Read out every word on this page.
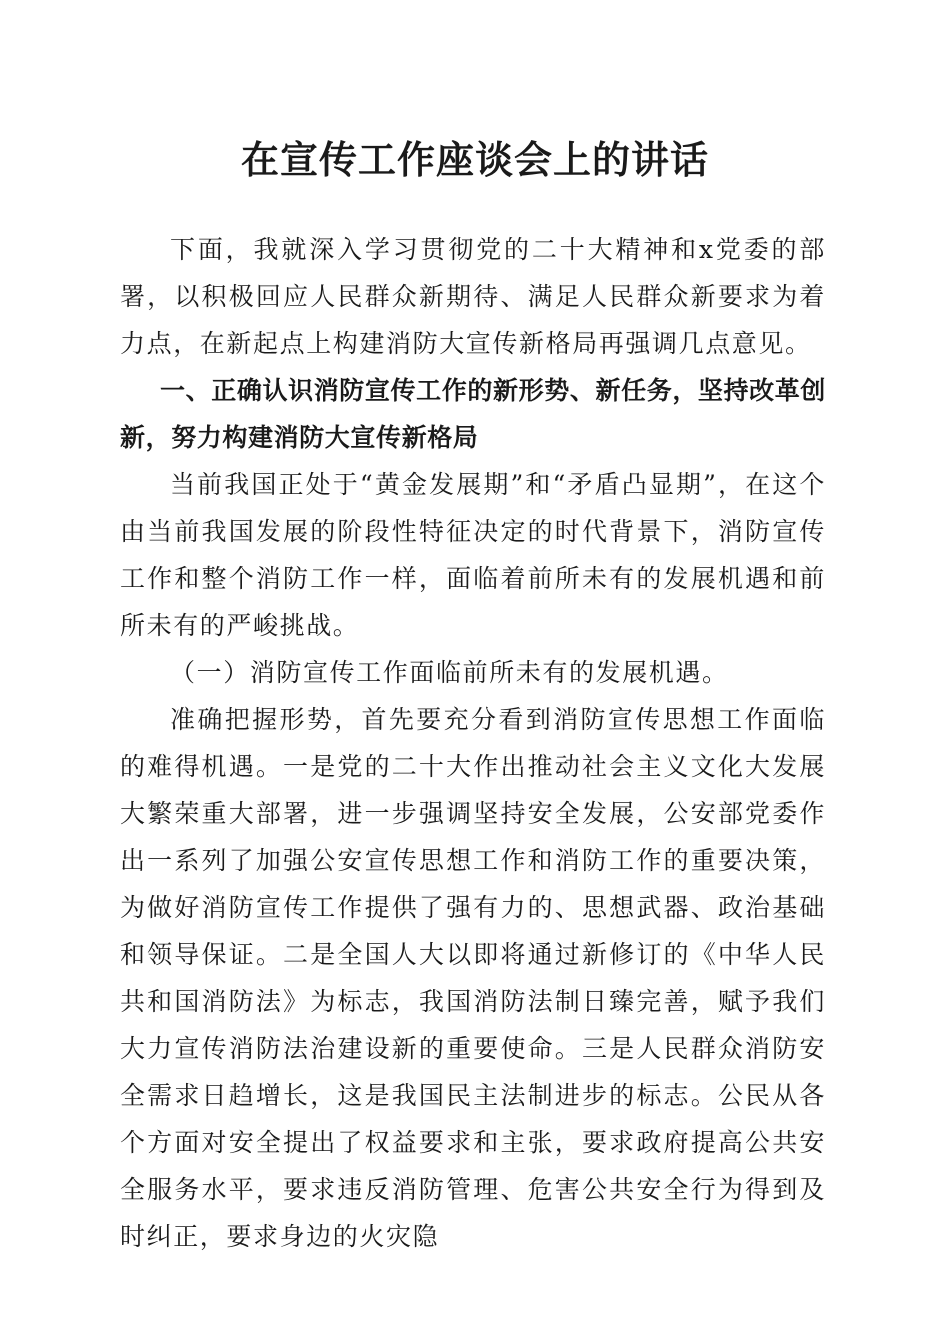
在宣传工作座谈会上的讲话

下面，我就深入学习贯彻党的二十大精神和x党委的部署，以积极回应人民群众新期待、满足人民群众新要求为着力点，在新起点上构建消防大宣传新格局再强调几点意见。

一、正确认识消防宣传工作的新形势、新任务，坚持改革创新，努力构建消防大宣传新格局

当前我国正处于“黄金发展期”和“矛盾凸显期”，在这个由当前我国发展的阶段性特征决定的时代背景下，消防宣传工作和整个消防工作一样，面临着前所未有的发展机遇和前所未有的严峻挑战。

（一）消防宣传工作面临前所未有的发展机遇。

准确把握形势，首先要充分看到消防宣传思想工作面临的难得机遇。一是党的二十大作出推动社会主义文化大发展大繁荣重大部署，进一步强调坚持安全发展，公安部党委作出一系列了加强公安宣传思想工作和消防工作的重要决策，为做好消防宣传工作提供了强有力的、思想武器、政治基础和领导保证。二是全国人大以即将通过新修订的《中华人民共和国消防法》为标志，我国消防法制日臻完善，赋予我们大力宣传消防法治建设新的重要使命。三是人民群众消防安全需求日趋增长，这是我国民主法制进步的标志。公民从各个方面对安全提出了权益要求和主张，要求政府提高公共安全服务水平，要求违反消防管理、危害公共安全行为得到及时纠正，要求身边的火灾隐
